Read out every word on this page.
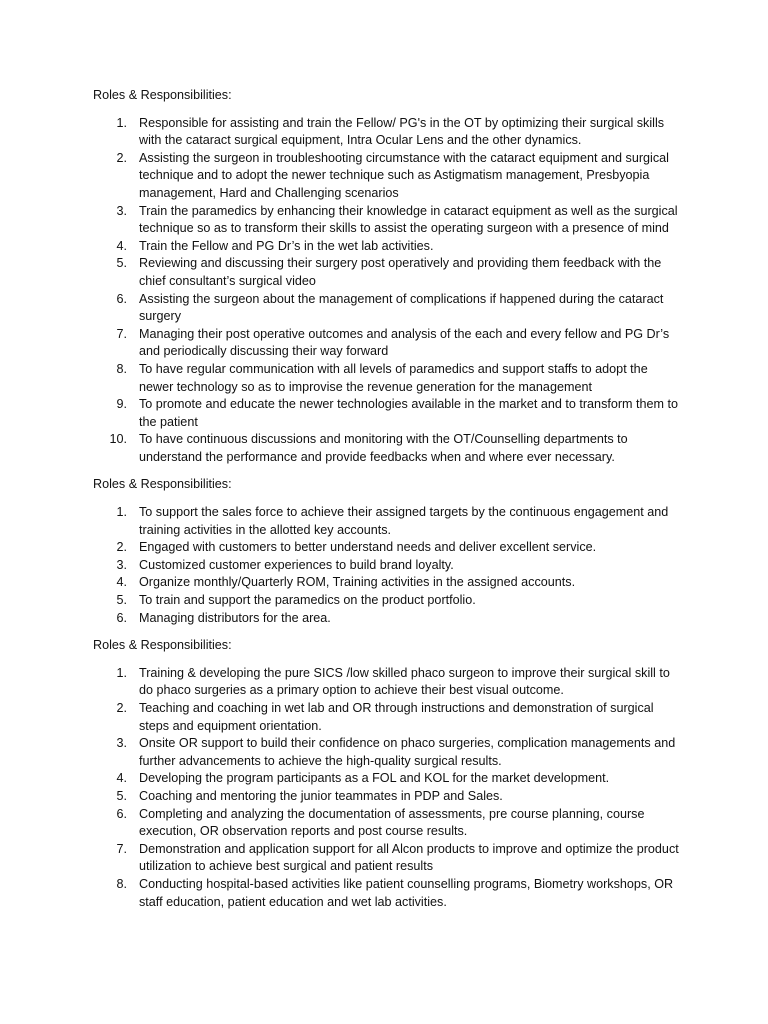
Roles & Responsibilities:

1. Responsible for assisting and train the Fellow/ PG's in the OT by optimizing their surgical skills with the cataract surgical equipment, Intra Ocular Lens and the other dynamics.
2. Assisting the surgeon in troubleshooting circumstance with the cataract equipment and surgical technique and to adopt the newer technique such as Astigmatism management, Presbyopia management, Hard and Challenging scenarios
3. Train the paramedics by enhancing their knowledge in cataract equipment as well as the surgical technique so as to transform their skills to assist the operating surgeon with a presence of mind
4. Train the Fellow and PG Dr’s in the wet lab activities.
5. Reviewing and discussing their surgery post operatively and providing them feedback with the chief consultant’s surgical video
6. Assisting the surgeon about the management of complications if happened during the cataract surgery
7. Managing their post operative outcomes and analysis of the each and every fellow and PG Dr’s and periodically discussing their way forward
8. To have regular communication with all levels of paramedics and support staffs to adopt the newer technology so as to improvise the revenue generation for the management
9. To promote and educate the newer technologies available in the market and to transform them to the patient
10. To have continuous discussions and monitoring with the OT/Counselling departments to understand the performance and provide feedbacks when and where ever necessary.

Roles & Responsibilities:

1. To support the sales force to achieve their assigned targets by the continuous engagement and training activities in the allotted key accounts.
2. Engaged with customers to better understand needs and deliver excellent service.
3. Customized customer experiences to build brand loyalty.
4. Organize monthly/Quarterly ROM, Training activities in the assigned accounts.
5. To train and support the paramedics on the product portfolio.
6. Managing distributors for the area.

Roles & Responsibilities:

1. Training & developing the pure SICS /low skilled phaco surgeon to improve their surgical skill to do phaco surgeries as a primary option to achieve their best visual outcome.
2. Teaching and coaching in wet lab and OR through instructions and demonstration of surgical steps and equipment orientation.
3. Onsite OR support to build their confidence on phaco surgeries, complication managements and further advancements to achieve the high-quality surgical results.
4. Developing the program participants as a FOL and KOL for the market development.
5. Coaching and mentoring the junior teammates in PDP and Sales.
6. Completing and analyzing the documentation of assessments, pre course planning, course execution, OR observation reports and post course results.
7. Demonstration and application support for all Alcon products to improve and optimize the product utilization to achieve best surgical and patient results
8. Conducting hospital-based activities like patient counselling programs, Biometry workshops, OR staff education, patient education and wet lab activities.
